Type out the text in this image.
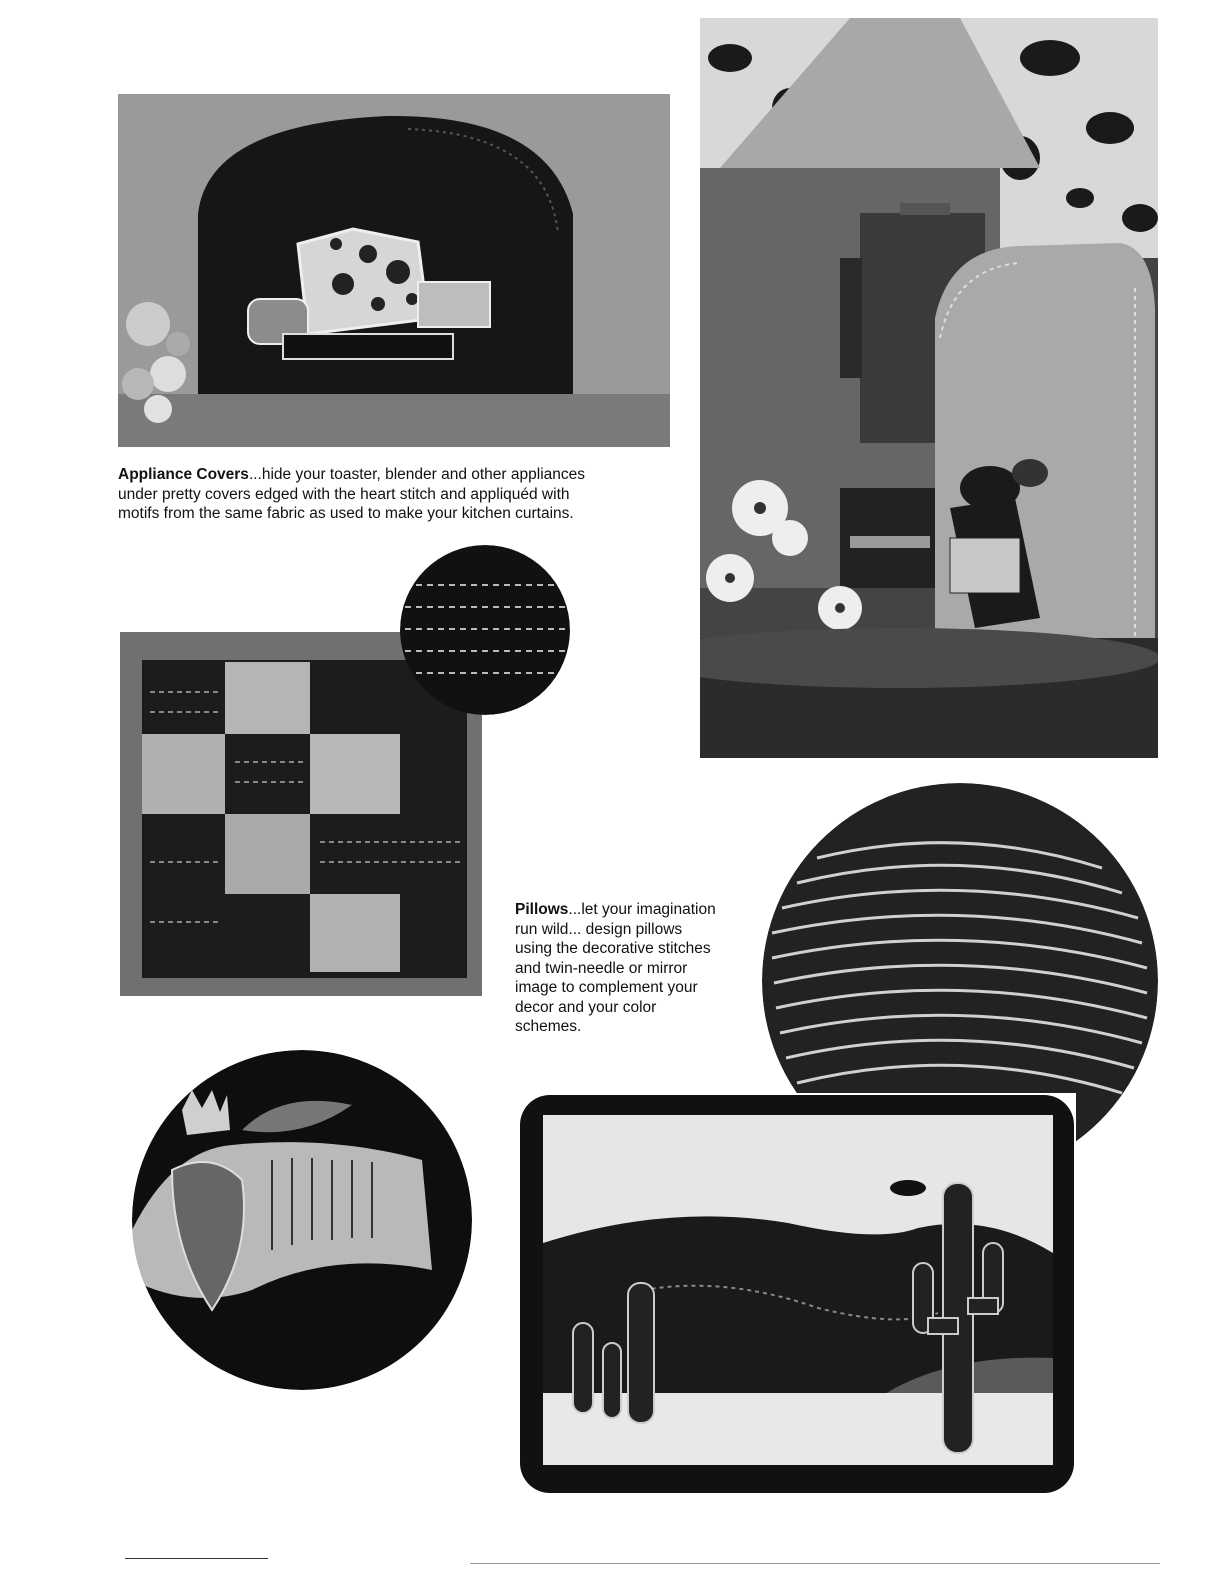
Appliance Covers...hide your toaster, blender and other appliances under pretty covers edged with the heart stitch and appliquéd with motifs from the same fabric as used to make your kitchen curtains.
Pillows...let your imagination run wild... design pillows using the decorative stitches and twin-needle or mirror image to complement your decor and your color schemes.
